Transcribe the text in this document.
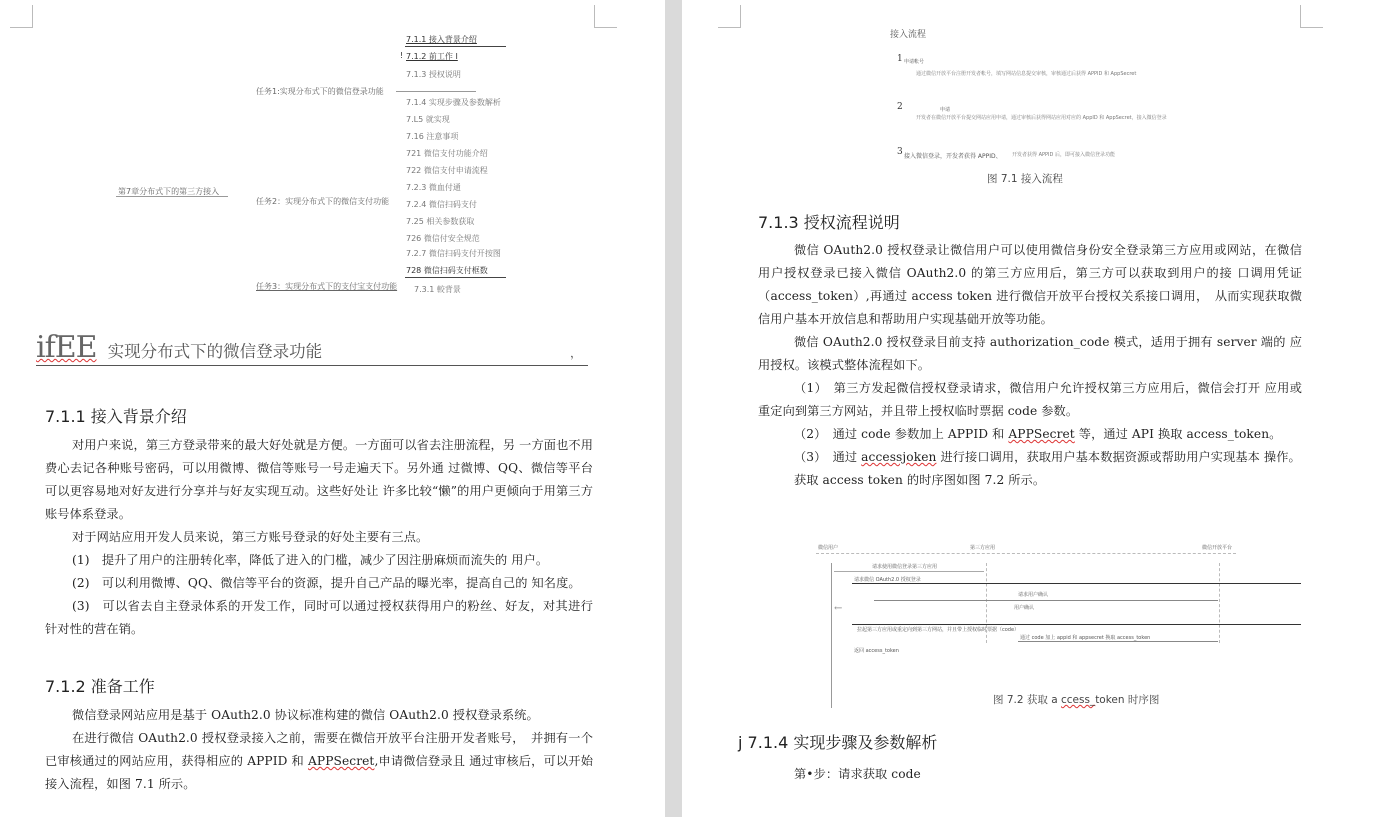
第7章分布式下的第三方接入
任务1:实现分布式下的微信登录功能
任务2：实现分布式下的微信支付功能
任务3：实现分布式下的支付宝支付功能
7.1.1 接入背景介绍
! 7.1.2 前工作 I
7.1.3 授权说明
7.1.4 实现步骤及参数解析
7.L5 就实现
7.16 注意事项
721 微信支付功能介绍
722 微信支付申请流程
7.2.3 微血付通
7.2.4 微信扫码支付
7.25 相关参数获取
726 微信付安全规范
7.2.7 微信扫码支付开按图
728 微信扫码支付框数
7.3.1 較背景
ifEE 实现分布式下的微信登录功能	，
7.1.1 接入背景介绍

对用户来说，第三方登录带来的最大好处就是方便。一方面可以省去注册流程，另 一方面也不用费心去记各种账号密码，可以用微博、微信等账号一号走遍天下。另外通 过微博、QQ、微信等平台可以更容易地对好友进行分享并与好友实现互动。这些好处让 许多比较“懒”的用户更倾向于用第三方账号体系登录。

对于网站应用开发人员来说，第三方账号登录的好处主要有三点。

(1)　提升了用户的注册转化率，降低了进入的门槛，减少了因注册麻烦而流失的 用户。

(2)　可以利用微博、QQ、微信等平台的资源，提升自己产品的曝光率，提高自己的 知名度。

(3)　可以省去自主登录体系的开发工作，同时可以通过授权获得用户的粉丝、好友，对其进行针对性的营在销。

7.1.2 准备工作

微信登录网站应用是基于 OAuth2.0 协议标准构建的微信 OAuth2.0 授权登录系统。

在进行微信 OAuth2.0 授权登录接入之前，需要在微信开放平台注册开发者账号，　并拥有一个已审核通过的网站应用，获得相应的 APPID 和 APPSecret,申请微信登录且 通过审核后，可以开始接入流程，如图 7.1 所示。

接入流程
1 申请帐号
通过微信开放平台注册开发者帐号，填写网站信息提交审核，审核通过后获得 APPID 和 AppSecret
2	申请
开发者在微信开放平台提交网站应用申请，通过审核后获得网站应用对应的 AppID 和 AppSecret，接入微信登录
3 接入微信登录，开发者获得 APPID、 开发者获得 APPID 后，即可接入微信登录功能
图 7.1 接入流程
7.1.3 授权流程说明

微信 OAuth2.0 授权登录让微信用户可以使用微信身份安全登录第三方应用或网站，在微信用户授权登录已接入微信 OAuth2.0 的第三方应用后，第三方可以获取到用户的接 口调用凭证（access_token）,再通过 access token 进行微信开放平台授权关系接口调用，　从而实现获取微信用户基本开放信息和帮助用户实现基础开放等功能。

微信 OAuth2.0 授权登录目前支持 authorization_code 模式，适用于拥有 server 端的 应用授权。该模式整体流程如下。

（1）　第三方发起微信授权登录请求，微信用户允许授权第三方应用后，微信会打开 应用或重定向到第三方网站，并且带上授权临时票据 code 参数。

（2）　通过 code 参数加上 APPID 和 APPSecret 等，通过 API 换取 access_token。

（3）　通过 accessjoken 进行接口调用，获取用户基本数据资源或帮助用户实现基本 操作。

获取 access token 的时序图如图 7.2 所示。

微信用户	第三方应用	微信开放平台
请求使用微信登录第三方应用
请求微信 OAuth2.0 授权登录
请求用户确认
用户确认
←
拉起第三方应用或重定向到第三方网站，并且带上授权临时票据（code）
通过 code 加上 appid 和 appsecret 换取 access_token
返回 access_token
图 7.2 获取 a ccess_token 时序图
j 7.1.4 实现步骤及参数解析

第•步：请求获取 code
